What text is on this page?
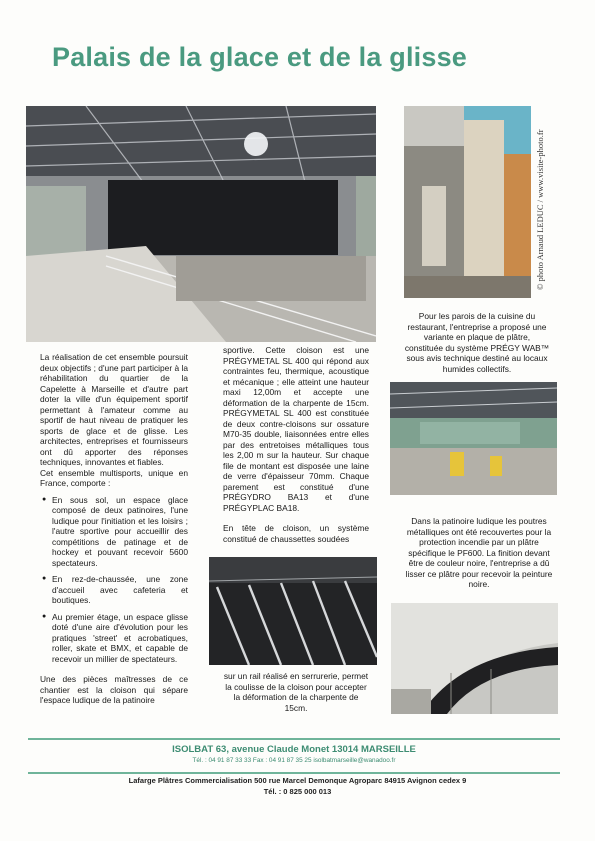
Palais de la glace et de la glisse
© photo Arnaud LEDUC / www.visite-photo.fr

La réalisation de cet ensemble poursuit deux objectifs ; d'une part participer à la réhabilitation du quartier de la Capelette à Marseille et d'autre part doter la ville d'un équipement sportif permettant à l'amateur comme au sportif de haut niveau de pratiquer les sports de glace et de glisse. Les architectes, entreprises et fournisseurs ont dû apporter des réponses techniques, innovantes et fiables.

Cet ensemble multisports, unique en France, comporte :

● En sous sol, un espace glace composé de deux patinoires, l'une ludique pour l'initiation et les loisirs ; l'autre sportive pour accueillir des compétitions de patinage et de hockey et pouvant recevoir 5600 spectateurs.

● En rez-de-chaussée, une zone d'accueil avec cafeteria et boutiques.

● Au premier étage, un espace glisse doté d'une aire d'évolution pour les pratiques 'street' et acrobatiques, roller, skate et BMX, et capable de recevoir un millier de spectateurs.

Une des pièces maîtresses de ce chantier est la cloison qui sépare l'espace ludique de la patinoire

sportive. Cette cloison est une PRÉGYMETAL SL 400 qui répond aux contraintes feu, thermique, acoustique et mécanique ; elle atteint une hauteur maxi 12,00m et accepte une déformation de la charpente de 15cm. PRÉGYMETAL SL 400 est constituée de deux contre-cloisons sur ossature M70-35 double, liaisonnées entre elles par des entretoises métalliques tous les 2,00 m sur la hauteur. Sur chaque file de montant est disposée une laine de verre d'épaisseur 70mm. Chaque parement est constitué d'une PRÉGYDRO BA13 et d'une PRÉGYPLAC BA18.

En tête de cloison, un système constitué de chaussettes soudées

sur un rail réalisé en serrurerie, permet la coulisse de la cloison pour accepter la déformation de la charpente de 15cm.

Pour les parois de la cuisine du restaurant, l'entreprise a proposé une variante en plaque de plâtre, constituée du système PRÉGY WAB™ sous avis technique destiné au locaux humides collectifs.
Dans la patinoire ludique les poutres métalliques ont été recouvertes pour la protection incendie par un plâtre spécifique le PF600. La finition devant être de couleur noire, l'entreprise a dû lisser ce plâtre pour recevoir la peinture noire.
ISOLBAT 63, avenue Claude Monet 13014 MARSEILLE
Tél. : 04 91 87 33 33 Fax : 04 91 87 35 25 isolbatmarseille@wanadoo.fr
Lafarge Plâtres Commercialisation 500 rue Marcel Demonque Agroparc 84915 Avignon cedex 9
Tél. : 0 825 000 013
